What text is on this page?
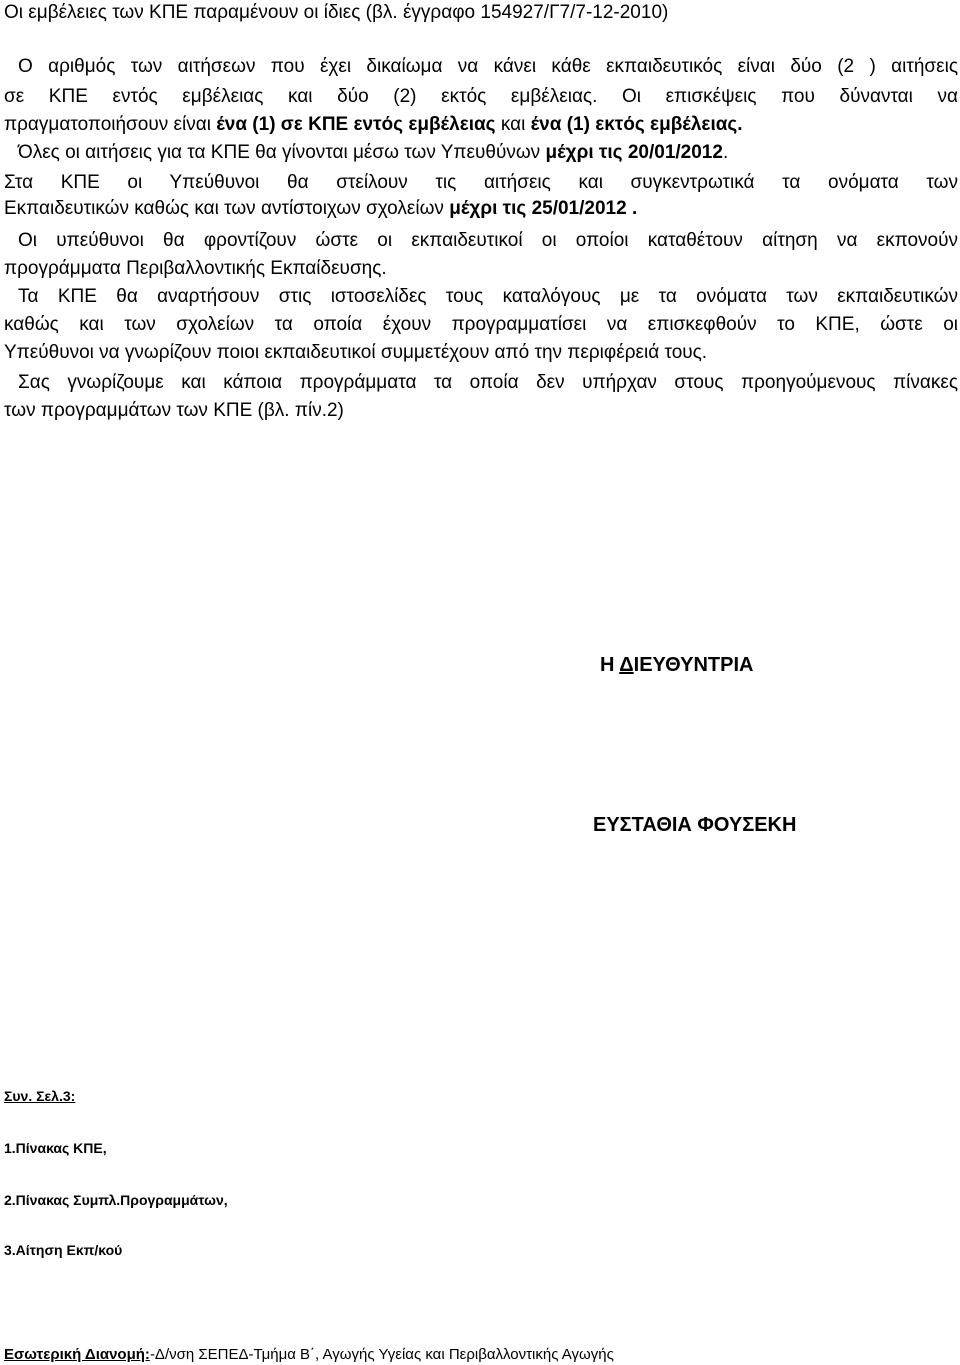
Οι εμβέλειες των ΚΠΕ παραμένουν οι ίδιες (βλ. έγγραφο 154927/Γ7/7-12-2010)
Ο αριθμός των αιτήσεων που έχει δικαίωμα να κάνει κάθε εκπαιδευτικός είναι δύο (2 ) αιτήσεις
σε ΚΠΕ εντός εμβέλειας και δύο (2) εκτός εμβέλειας. Οι επισκέψεις που δύνανται να
πραγματοποιήσουν είναι ένα (1) σε ΚΠΕ εντός εμβέλειας και ένα (1) εκτός εμβέλειας.
Όλες οι αιτήσεις για τα ΚΠΕ θα γίνονται μέσω των Υπευθύνων μέχρι τις 20/01/2012.
Στα ΚΠΕ οι Υπεύθυνοι θα στείλουν τις αιτήσεις και συγκεντρωτικά τα ονόματα των
Εκπαιδευτικών καθώς και των αντίστοιχων σχολείων μέχρι τις 25/01/2012 .
Οι υπεύθυνοι θα φροντίζουν ώστε οι εκπαιδευτικοί οι οποίοι καταθέτουν αίτηση να εκπονούν
προγράμματα Περιβαλλοντικής Εκπαίδευσης.
Τα ΚΠΕ θα αναρτήσουν στις ιστοσελίδες τους καταλόγους με τα ονόματα των εκπαιδευτικών
καθώς και των σχολείων τα οποία έχουν προγραμματίσει να επισκεφθούν το ΚΠΕ, ώστε οι
Υπεύθυνοι να γνωρίζουν ποιοι εκπαιδευτικοί συμμετέχουν από την περιφέρειά τους.
Σας γνωρίζουμε και κάποια προγράμματα τα οποία δεν υπήρχαν στους προηγούμενους πίνακες
των προγραμμάτων των ΚΠΕ (βλ. πίν.2)
Η ΔΙΕΥΘΥΝΤΡΙΑ
ΕΥΣΤΑΘΙΑ ΦΟΥΣΕΚΗ
Συν. Σελ.3:
1.Πίνακας ΚΠΕ,
2.Πίνακας Συμπλ.Προγραμμάτων,
3.Αίτηση Εκπ/κού
Εσωτερική Διανομή:-Δ/νση ΣΕΠΕΔ-Τμήμα Β΄, Αγωγής Υγείας και Περιβαλλοντικής Αγωγής
